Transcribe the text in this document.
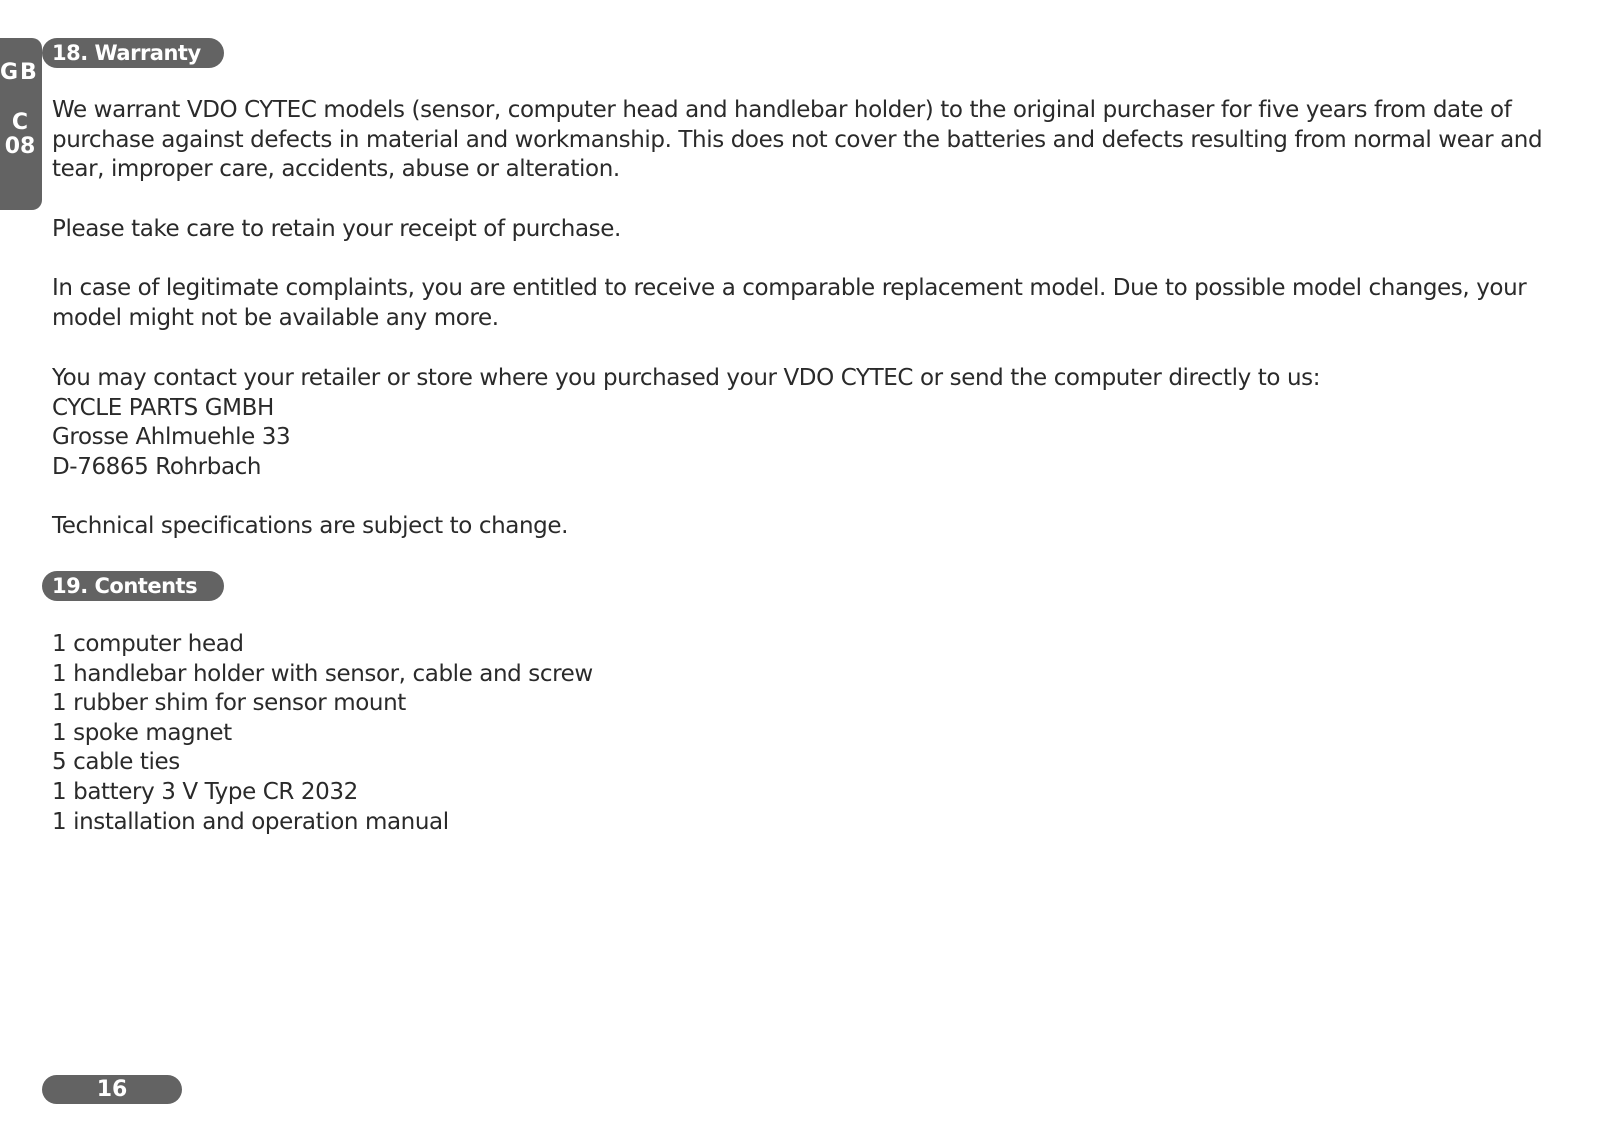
GB
C
08
18. Warranty
We warrant VDO CYTEC models (sensor, computer head and handlebar holder) to the original purchaser for five years from date of
purchase against defects in material and workmanship. This does not cover the batteries and defects resulting from normal wear and
tear, improper care, accidents, abuse or alteration.
Please take care to retain your receipt of purchase.
In case of legitimate complaints, you are entitled to receive a comparable replacement model. Due to possible model changes, your
model might not be available any more.
You may contact your retailer or store where you purchased your VDO CYTEC or send the computer directly to us:
CYCLE PARTS GMBH
Grosse Ahlmuehle 33
D-76865 Rohrbach
Technical specifications are subject to change.
19. Contents
1 computer head
1 handlebar holder with sensor, cable and screw
1 rubber shim for sensor mount
1 spoke magnet
5 cable ties
1 battery 3 V Type CR 2032
1 installation and operation manual
16
